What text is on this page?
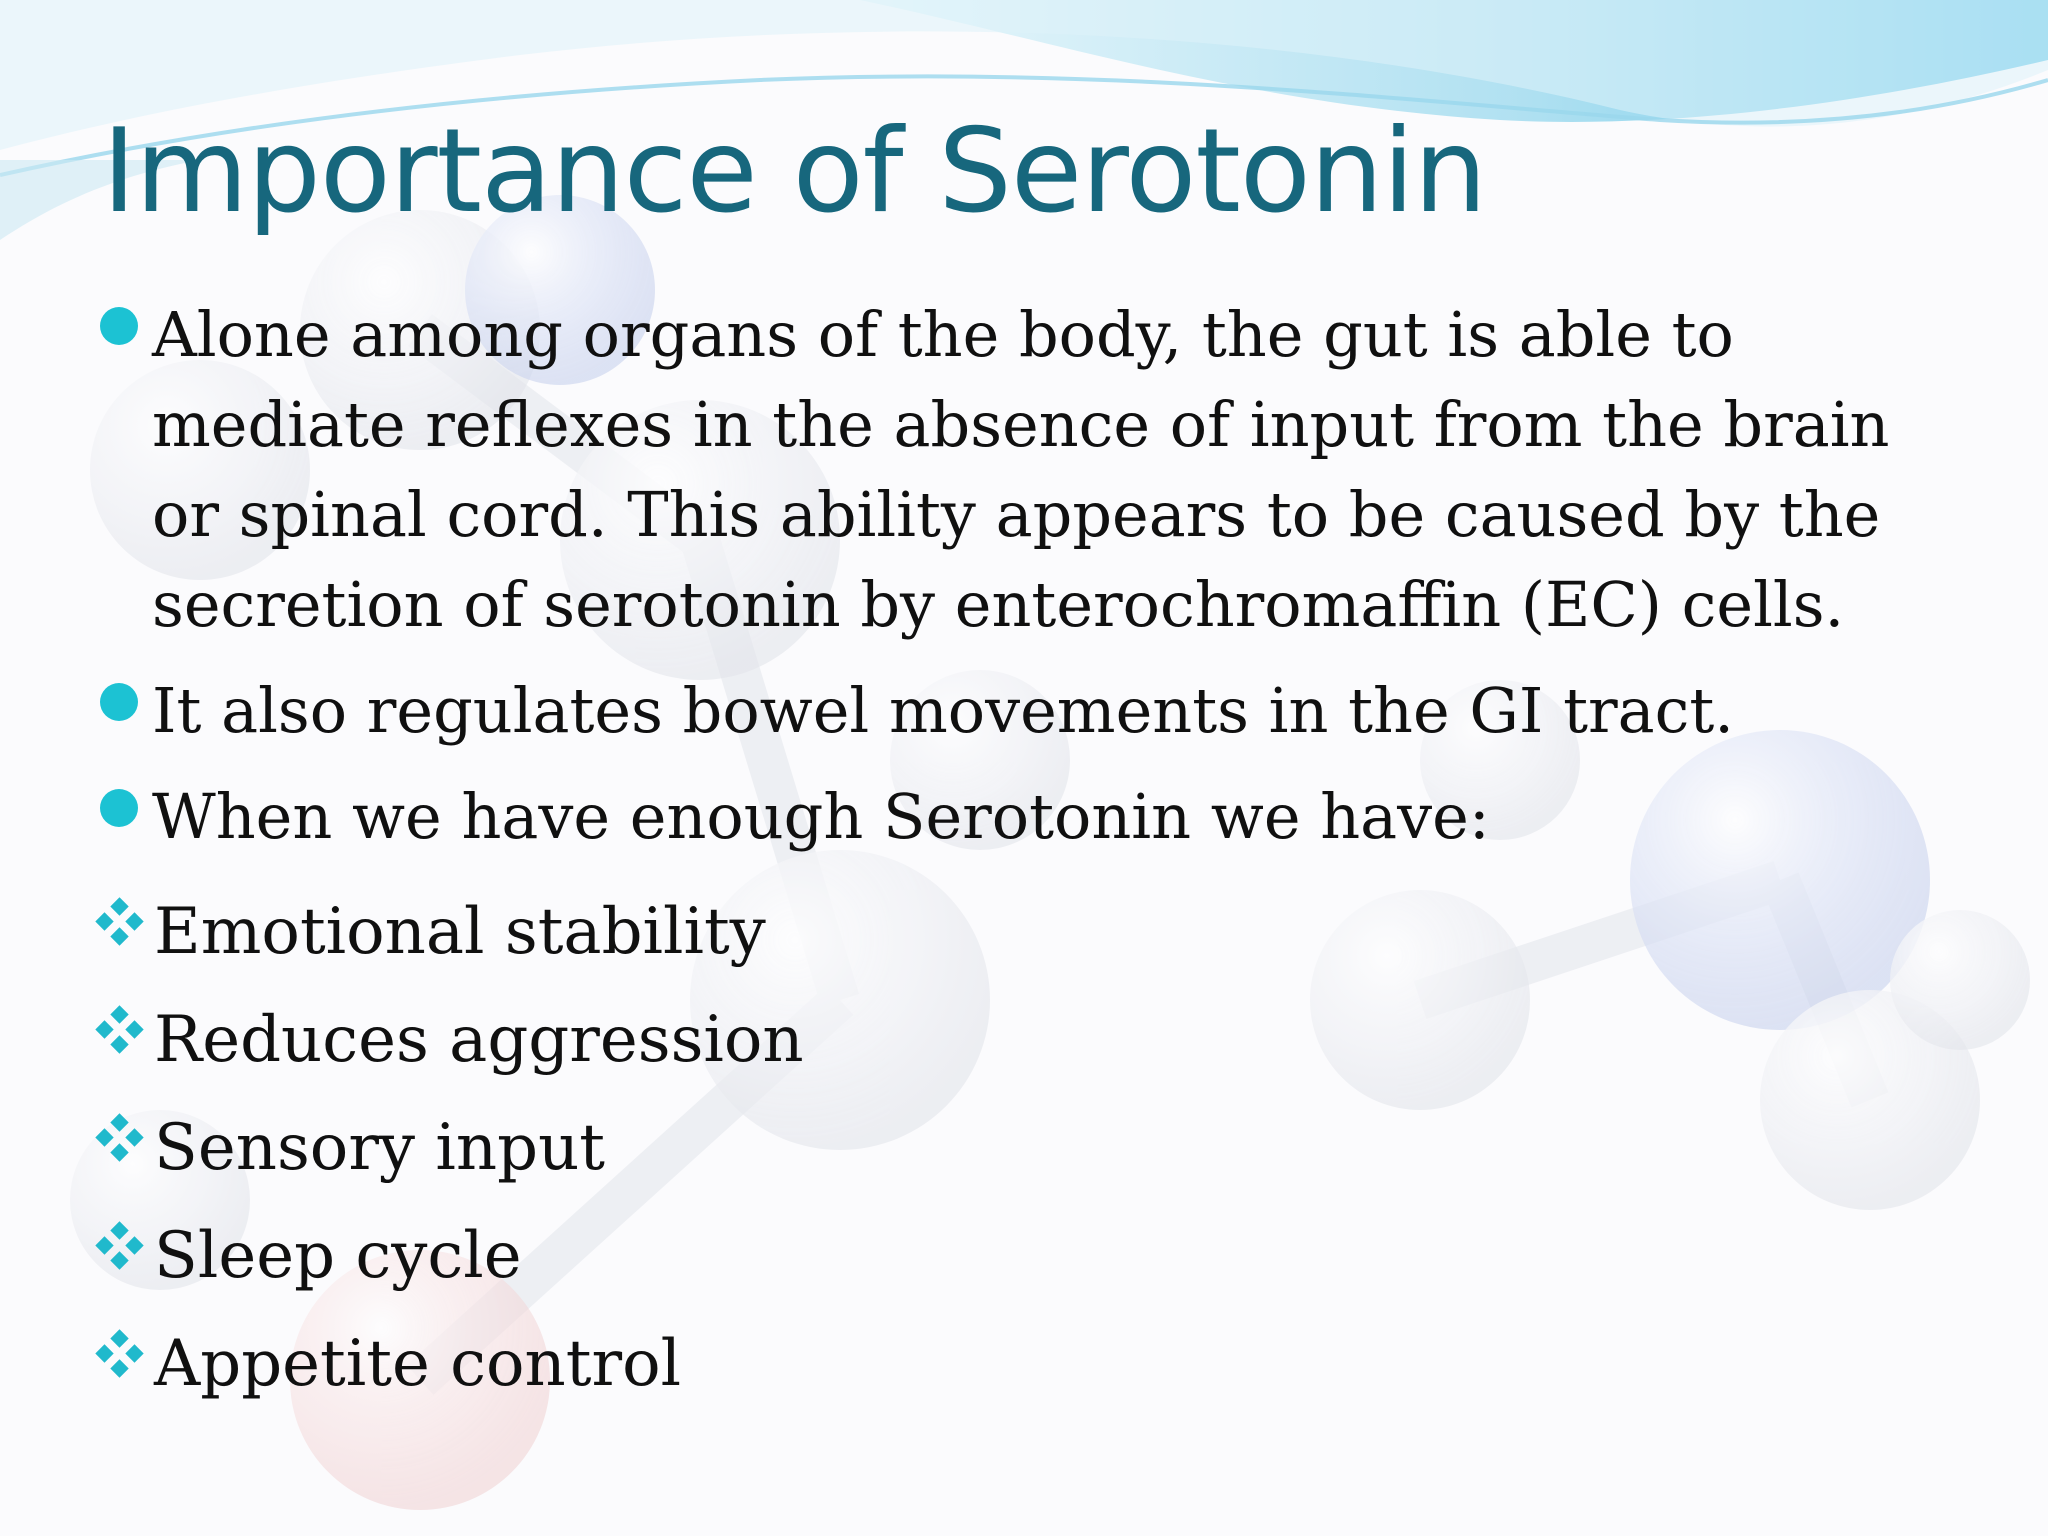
Importance of Serotonin
Alone among organs of the body, the gut is able to mediate reflexes in the absence of input from the brain or spinal cord. This ability appears to be caused by the secretion of serotonin by enterochromaffin (EC) cells.
It also regulates bowel movements in the GI tract.
When we have enough Serotonin we have:
Emotional stability
Reduces aggression
Sensory input
Sleep cycle
Appetite control
